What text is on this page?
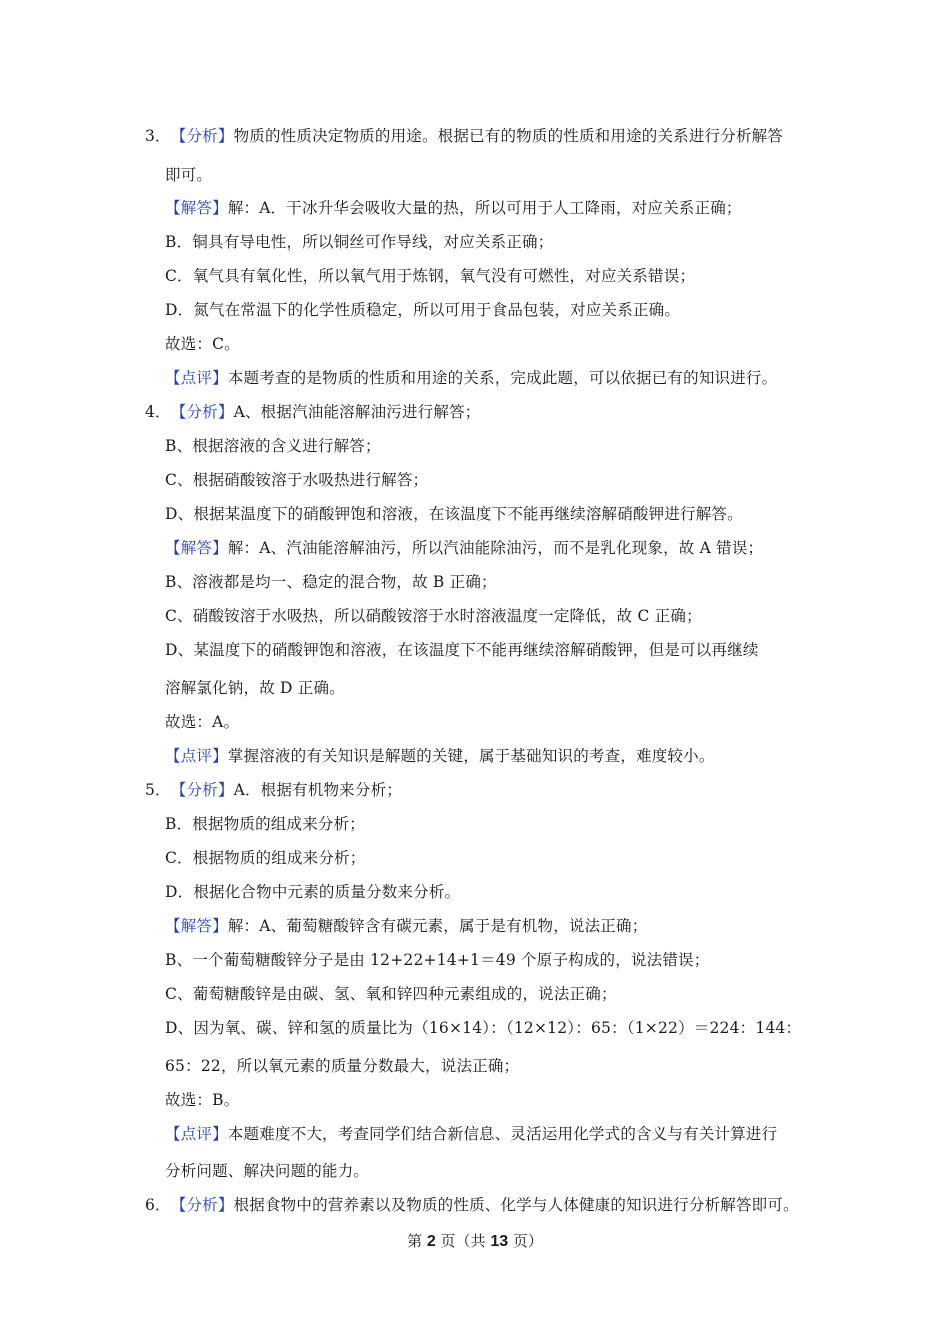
3．【分析】物质的性质决定物质的用途。根据已有的物质的性质和用途的关系进行分析解答
即可。
【解答】解：A．干冰升华会吸收大量的热，所以可用于人工降雨，对应关系正确；
B．铜具有导电性，所以铜丝可作导线，对应关系正确；
C．氧气具有氧化性，所以氧气用于炼钢，氧气没有可燃性，对应关系错误；
D．氮气在常温下的化学性质稳定，所以可用于食品包装，对应关系正确。
故选：C。
【点评】本题考查的是物质的性质和用途的关系，完成此题，可以依据已有的知识进行。
4．【分析】A、根据汽油能溶解油污进行解答；
B、根据溶液的含义进行解答；
C、根据硝酸铵溶于水吸热进行解答；
D、根据某温度下的硝酸钾饱和溶液，在该温度下不能再继续溶解硝酸钾进行解答。
【解答】解：A、汽油能溶解油污，所以汽油能除油污，而不是乳化现象，故 A 错误；
B、溶液都是均一、稳定的混合物，故 B 正确；
C、硝酸铵溶于水吸热，所以硝酸铵溶于水时溶液温度一定降低，故 C 正确；
D、某温度下的硝酸钾饱和溶液，在该温度下不能再继续溶解硝酸钾，但是可以再继续
溶解氯化钠，故 D 正确。
故选：A。
【点评】掌握溶液的有关知识是解题的关键，属于基础知识的考查，难度较小。
5．【分析】A．根据有机物来分析；
B．根据物质的组成来分析；
C．根据物质的组成来分析；
D．根据化合物中元素的质量分数来分析。
【解答】解：A、葡萄糖酸锌含有碳元素，属于是有机物，说法正确；
B、一个葡萄糖酸锌分子是由 12+22+14+1＝49 个原子构成的，说法错误；
C、葡萄糖酸锌是由碳、氢、氧和锌四种元素组成的，说法正确；
D、因为氧、碳、锌和氢的质量比为（16×14）：（12×12）：65：（1×22）＝224：144：
65：22，所以氧元素的质量分数最大，说法正确；
故选：B。
【点评】本题难度不大，考查同学们结合新信息、灵活运用化学式的含义与有关计算进行
分析问题、解决问题的能力。
6．【分析】根据食物中的营养素以及物质的性质、化学与人体健康的知识进行分析解答即可。
第 2 页（共 13 页）
